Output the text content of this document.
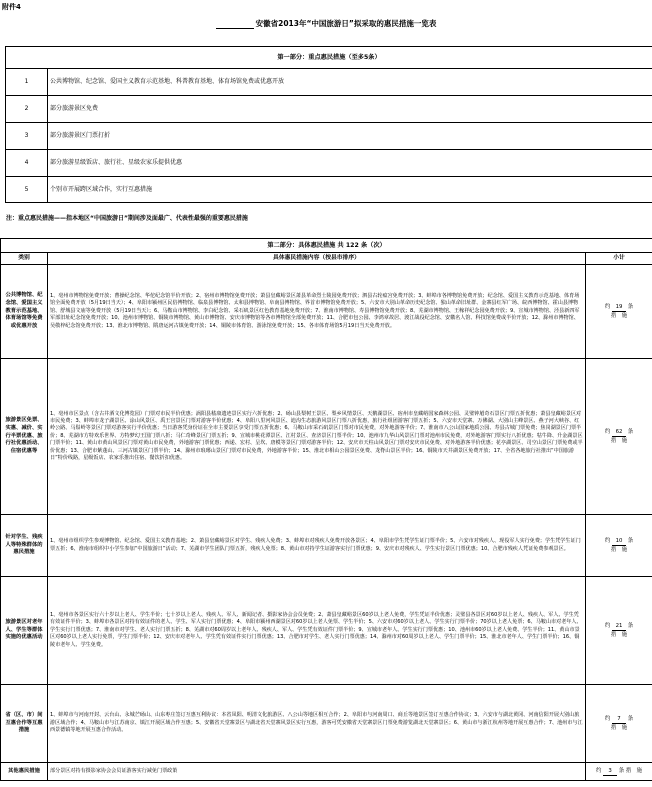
附件4
安徽省2013年“中国旅游日”拟采取的惠民措施一览表
第一部分：重点惠民措施（至多5条）	
1	公共博物馆、纪念馆、爱国主义教育示范基地、科普教育基地、体育场馆免费或优惠开放
2	部分旅游景区免费
3	部分旅游景区门票打折
4	部分旅游星级饭店、旅行社、星级农家乐提供优惠
5	个别市开展跨区域合作，实行互惠措施
注：重点惠民措施——指本地区“中国旅游日”期间涉及面最广、代表性最强的重要惠民措施
第二部分：具体惠民措施 共 122 条（次）		
类别	具体惠民措施内容（按县市排序）	小计
公共博物馆、纪念馆、爱国主义教育示范基地、体育场馆等免费或优惠开放	1、亳州市博物馆免费开放；曹操纪念馆、华佗纪念馆半价开放；2、宿州市博物馆免费开放；萧县皇藏峪景区萧县革命烈士陵园免费开放；泗县古轮瘟宫免费开放；3、蚌埠市各博物馆免费开放；纪念馆、爱国主义教育示范基地、体育场馆全面免费开放（5月19日当天）；4、阜阳市颍州区民俗博物馆、临泉县博物馆、太和县博物馆、阜南县博物馆、界首市博物馆免费开放；5、六安市大别山革命历史纪念馆、独山革命旧址群、金寨县红军广场、皖西博物馆、霍山县博物馆、舒城县文庙等免费开放（5月19日当天）；6、马鞍山市博物馆、李白纪念馆、采石矶景区红色教育基地免费开放；7、淮南市博物馆、寿县博物馆免费开放；8、芜湖市博物馆、王稼祥纪念园免费开放；9、宣城市博物馆、泾县新四军军部旧址纪念馆免费开放；10、池州市博物馆、铜陵市博物馆、黄山市博物馆、安庆市博物馆等各市博物馆全部免费开放；11、合肥市包公园、李鸿章故居、渡江战役纪念馆、安徽名人馆、科技馆免费或半价开放；12、滁州市博物馆、吴敬梓纪念馆免费开放；13、淮北市博物馆、隋唐运河古镇免费开放；14、铜陵市体育馆、游泳馆免费开放；15、各市体育场馆5月19日当天免费开放。	约 19 条
措　施
旅游景区免票、实惠、减价、实行半票优惠、旅行社优惠活动、住宿优惠等	1、亳州市区景点（含古井酒文化博览园）门票对市民半价优惠；涡阳县嵇康遗迹景区实行六折优惠；2、砀山县梨树王景区、梨乡风情景区、天鹅湖景区、宿州市皇藏峪国家森林公园、灵璧钟馗奇石景区门票五折优惠；萧县皇藏峪景区对市民免费；3、蚌埠市龙子湖景区、涂山风景区、禹王宫景区门票对游客半价优惠；4、阜阳八里河风景区、迪沟生态旅游风景区门票八折优惠，旅行社组团游客门票五折；5、六安市天堂寨、万佛湖、大别山主峰景区、燕子河大峡谷、红岭公路、马鬃岭等景区门票对游客实行半价优惠；当日游客凭身份证在全市主要景区享受门票五折优惠；6、马鞍山市采石矶景区门票对市民免费，对外地游客半价；7、淮南市八公山国家地质公园、寿县古城门票免费；焦岗湖景区门票半价；8、芜湖市方特欢乐世界、方特梦幻王国门票八折；马仁奇峰景区门票五折；9、宣城市桃花潭景区、江村景区、查济景区门票半价；10、池州市九华山风景区门票对池州市民免费，对外地游客门票实行八折优惠；牯牛降、升金湖景区门票半价；11、黄山市黄山风景区门票对黄山市民免费，外地游客门票优惠；西递、宏村、呈坎、唐模等景区门票对游客半价；12、安庆市天柱山风景区门票对安庆市民免费、对外地游客半价优惠；花亭湖景区、司空山景区门票免费或半价优惠；13、合肥市紫蓬山、三河古镇景区门票半价；14、滁州市琅琊山景区门票对市民免费，外地游客半价；15、淮北市相山公园景区免费、龙脊山景区半价；16、铜陵市天井湖景区免费开放；17、全省各地旅行社推出“中国旅游日”特价线路，星级饭店、农家乐推出住宿、餐饮折扣优惠。	约 62 条
措　施
针对学生、残疾人等特殊群体的惠民措施	1、亳州市组织学生参观博物馆、纪念馆、爱国主义教育基地；2、萧县皇藏峪景区对学生、残疾人免费；3、蚌埠市对残疾人免费开放各景区；4、阜阳市学生凭学生证门票半价；5、六安市对残疾人、现役军人实行免费；学生凭学生证门票五折；6、淮南市组织中小学生参加“中国旅游日”活动；7、芜湖市学生团队门票五折，残疾人免票；8、黄山市对持学生证游客实行门票优惠；9、安庆市对残疾人、学生实行景区门票优惠；10、合肥市残疾人凭证免费参观景区。	约 10 条
措　施
旅游景区对老年人、学生等群体实施的优惠活动	1、亳州市各景区实行六十岁以上老人、学生半价；七十岁以上老人、残疾人、军人、新闻记者、摄影家协会会员免费；2、萧县皇藏峪景区60岁以上老人免费，学生凭证半价优惠；灵璧县各景区对60岁以上老人、残疾人、军人、学生凭有效证件半价；3、蚌埠市各景区对持有效证件的老人、学生、军人实行门票优惠；4、阜阳市颍州西湖景区对60岁以上老人免票、学生半价；5、六安市对60岁以上老人、学生实行门票半价；70岁以上老人免票；6、马鞍山市对老年人、学生实行门票优惠；7、淮南市对学生、老人实行门票五折；8、芜湖市对60周岁以上老年人、残疾人、军人、学生凭有效证件门票半价；9、宣城市老年人、学生实行门票优惠；10、池州市60岁以上老人免费、学生半价；11、黄山市景区对60岁以上老人实行免票，学生门票半价；12、安庆市对老年人、学生凭有效证件实行门票优惠；13、合肥市对学生、老人实行门票优惠；14、滁州市对60周岁以上老人、学生门票半价；15、淮北市老年人、学生门票半价；16、铜陵市老年人、学生免费。	约 21 条
措　施
省（区、市）间互惠合作等互惠措施	1、蚌埠市与河南开封、云台山、永城芒砀山、山东枣庄签订互惠互利协议：本省凤阳、明清文化旅游区、八公山等地区相互合作；2、阜阳市与河南周口、商丘等地景区签订互惠合作协议；3、六安市与湖北黄冈、河南信阳开展大别山旅游区域合作；4、马鞍山市与江苏南京、镇江开展区域合作互惠；5、安徽省天堂寨景区与湖北省天堂寨风景区实行互惠，游客可凭安徽省天堂寨景区门票免费游览湖北天堂寨景区；6、黄山市与浙江杭州等地开展互惠合作；7、池州市与江西景德镇等地开展互惠合作活动。	约 7 条
措　施
其他惠民措施	部分景区对持有摄影家协会会员证游客实行减免门票政策	约 3 条 措　施
